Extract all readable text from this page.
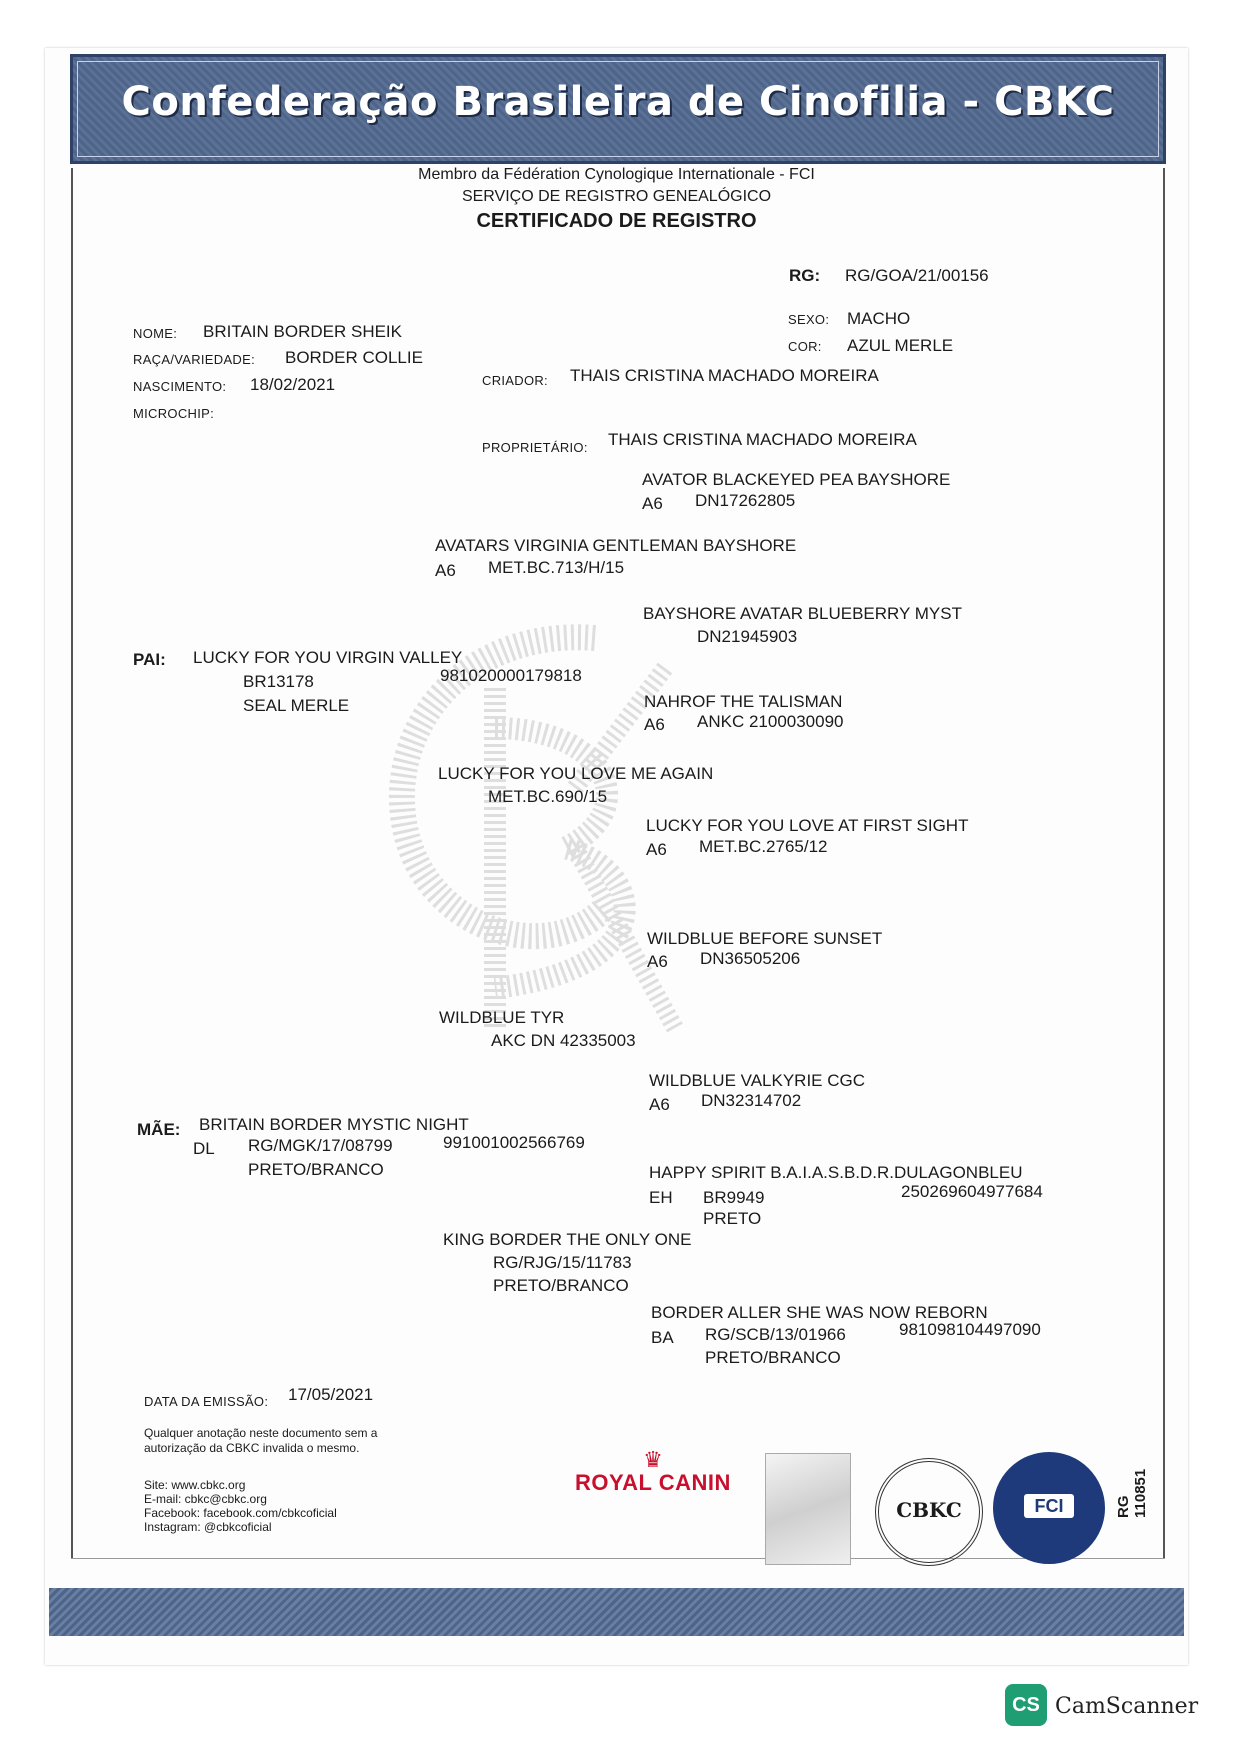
Confederação Brasileira de Cinofilia - CBKC
Membro da Fédération Cynologique Internationale - FCI
SERVIÇO DE REGISTRO GENEALÓGICO
CERTIFICADO DE REGISTRO
RG: RG/GOA/21/00156
NOME: BRITAIN BORDER SHEIK
RAÇA/VARIEDADE: BORDER COLLIE
NASCIMENTO: 18/02/2021
MICROCHIP:
SEXO: MACHO
COR: AZUL MERLE
CRIADOR: THAIS CRISTINA MACHADO MOREIRA
PROPRIETÁRIO: THAIS CRISTINA MACHADO MOREIRA
AVATOR BLACKEYED PEA BAYSHORE
A6 DN17262805
AVATARS VIRGINIA GENTLEMAN BAYSHORE
A6 MET.BC.713/H/15
BAYSHORE AVATAR BLUEBERRY MYST
DN21945903
PAI: LUCKY FOR YOU VIRGIN VALLEY
BR13178	981020000179818
SEAL MERLE	NAHROF THE TALISMAN
A6 ANKC 2100030090
LUCKY FOR YOU LOVE ME AGAIN
MET.BC.690/15
LUCKY FOR YOU LOVE AT FIRST SIGHT
A6 MET.BC.2765/12
WILDBLUE BEFORE SUNSET
A6 DN36505206
WILDBLUE TYR
AKC DN 42335003
WILDBLUE VALKYRIE CGC
A6 DN32314702
MÃE: BRITAIN BORDER MYSTIC NIGHT
DL RG/MGK/17/08799	991001002566769
PRETO/BRANCO	HAPPY SPIRIT B.A.I.A.S.B.D.R.DULAGONBLEU
EH BR9949	250269604977684
PRETO
KING BORDER THE ONLY ONE
RG/RJG/15/11783
PRETO/BRANCO
BORDER ALLER SHE WAS NOW REBORN
BA RG/SCB/13/01966	981098104497090
PRETO/BRANCO
DATA DA EMISSÃO: 17/05/2021
Qualquer anotação neste documento sem a autorização da CBKC invalida o mesmo.
Site: www.cbkc.org
E-mail: cbkc@cbkc.org
Facebook: facebook.com/cbkcoficial
Instagram: @cbkcoficial
♛
ROYAL CANIN
CBKC	FCI	RG 110851
CS CamScanner
